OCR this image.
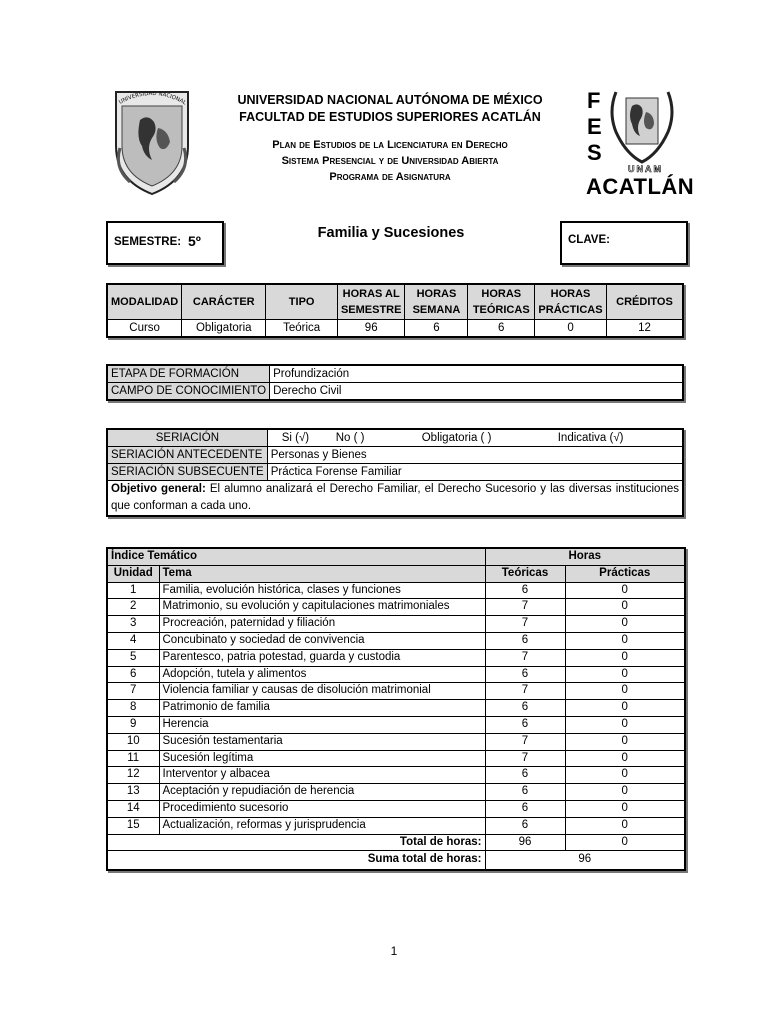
UNIVERSIDAD NACIONAL	UNIVERSIDAD NACIONAL AUTÓNOMA DE MÉXICO
FACULTAD DE ESTUDIOS SUPERIORES ACATLÁN
Plan de Estudios de la Licenciatura en Derecho
Sistema Presencial y de Universidad Abierta
Programa de Asignatura
F
E
S
UNAM
ACATLÁN
SEMESTRE: 5º	Familia y Sucesiones	CLAVE:
MODALIDAD	CARÁCTER	TIPO	HORAS AL SEMESTRE	HORAS SEMANA	HORAS TEÓRICAS	HORAS PRÁCTICAS	CRÉDITOS
Curso	Obligatoria	Teórica	96	6	6	0	12
ETAPA DE FORMACIÓN	Profundización
CAMPO DE CONOCIMIENTO	Derecho Civil
SERIACIÓN	Si (√) No ( ) Obligatoria ( ) Indicativa (√)

SERIACIÓN ANTECEDENTE	Personas y Bienes
SERIACIÓN SUBSECUENTE	Práctica Forense Familiar
Objetivo general: El alumno analizará el Derecho Familiar, el Derecho Sucesorio y las diversas instituciones que conforman a cada uno.	
Índice Temático		Horas	
Unidad	Tema	Teóricas	Prácticas
1	Familia, evolución histórica, clases y funciones	6	0
2	Matrimonio, su evolución y capitulaciones matrimoniales	7	0
3	Procreación, paternidad y filiación	7	0
4	Concubinato y sociedad de convivencia	6	0
5	Parentesco, patria potestad, guarda y custodia	7	0
6	Adopción, tutela y alimentos	6	0
7	Violencia familiar y causas de disolución matrimonial	7	0
8	Patrimonio de familia	6	0
9	Herencia	6	0
10	Sucesión testamentaria	7	0
11	Sucesión legítima	7	0
12	Interventor y albacea	6	0
13	Aceptación y repudiación de herencia	6	0
14	Procedimiento sucesorio	6	0
15	Actualización, reformas y jurisprudencia	6	0
Total de horas:		96	0
Suma total de horas:		96	
1
